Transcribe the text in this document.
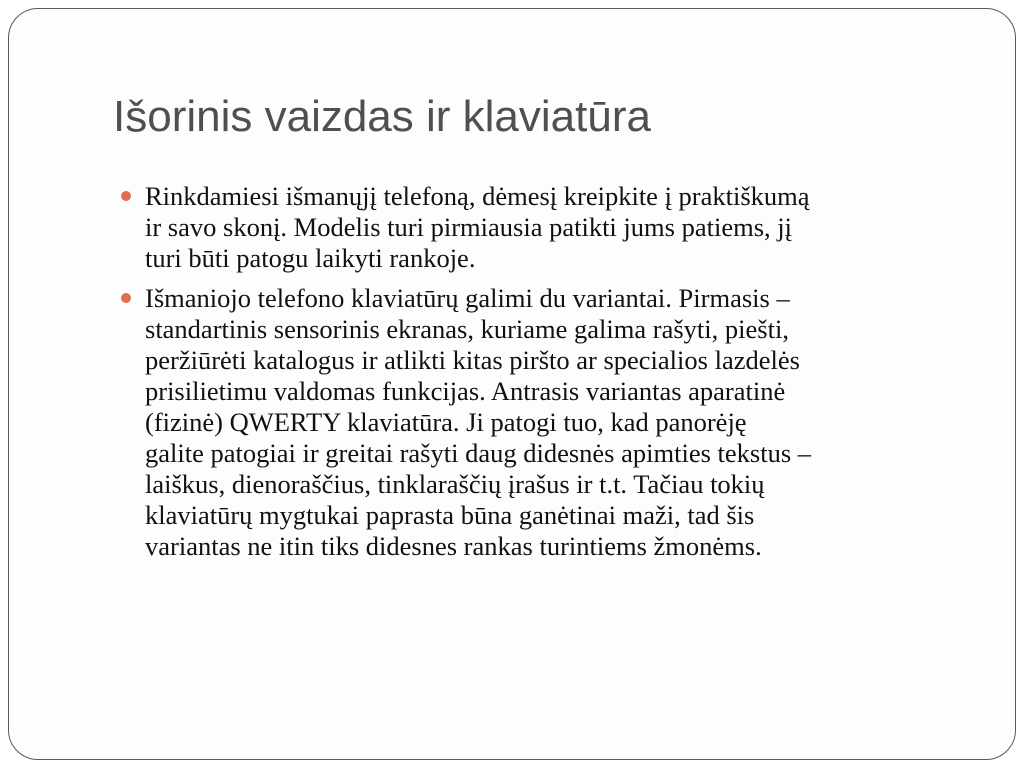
Išorinis vaizdas ir klaviatūra
Rinkdamiesi išmanųjį telefoną, dėmesį kreipkite į praktiškumą
ir savo skonį. Modelis turi pirmiausia patikti jums patiems, jį
turi būti patogu laikyti rankoje.
Išmaniojo telefono klaviatūrų galimi du variantai. Pirmasis –
standartinis sensorinis ekranas, kuriame galima rašyti, piešti,
peržiūrėti katalogus ir atlikti kitas piršto ar specialios lazdelės
prisilietimu valdomas funkcijas. Antrasis variantas aparatinė
(fizinė) QWERTY klaviatūra. Ji patogi tuo, kad panorėję
galite patogiai ir greitai rašyti daug didesnės apimties tekstus –
laiškus, dienoraščius, tinklaraščių įrašus ir t.t. Tačiau tokių
klaviatūrų mygtukai paprasta būna ganėtinai maži, tad šis
variantas ne itin tiks didesnes rankas turintiems žmonėms.
